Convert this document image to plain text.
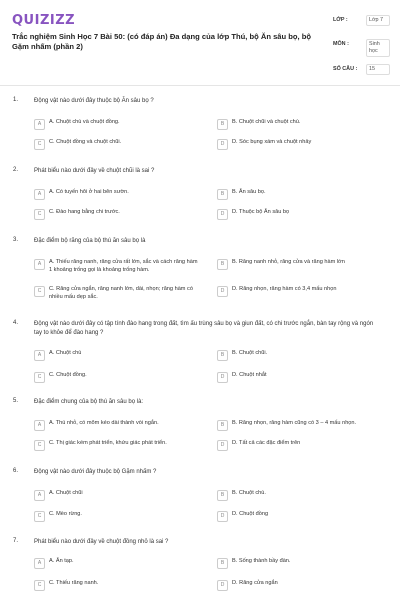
QUIZIZZ
Trắc nghiệm Sinh Học 7 Bài 50: (có đáp án) Đa dạng của lớp Thú, bộ Ăn sâu bọ, bộ Gặm nhấm (phần 2)
LỚP :	Lớp 7
MÔN :	Sinh học
SỐ CÂU :	15
1.	Động vật nào dưới đây thuộc bộ Ăn sâu bọ ?
A	A. Chuột chù và chuột đồng.	B	B. Chuột chũi và chuột chù.
C	C. Chuột đồng và chuột chũi.	D	D. Sóc bụng xám và chuột nhảy
2.	Phát biểu nào dưới đây về chuột chũi là sai ?
A	A. Có tuyến hôi ở hai bên sườn.	B	B. Ăn sâu bọ.
C	C. Đào hang bằng chi trước.	D	D. Thuộc bộ Ăn sâu bọ
3.	Đặc điểm bộ răng của bộ thú ăn sâu bọ là
A	A. Thiếu răng nanh, răng cửa rất lớn, sắc và cách răng hàm 1 khoảng trống gọi là khoảng trống hàm.
B	B. Răng nanh nhỏ, răng cửa và răng hàm lớn
C	C. Răng cửa ngắn, răng nanh lớn, dài, nhọn; răng hàm có nhiều mấu dẹp sắc.
D	D. Răng nhọn, răng hàm có 3,4 mấu nhọn
4.	Động vật nào dưới đây có tập tính đào hang trong đất, tìm ấu trùng sâu bọ và giun đất, có chi trước ngắn, bàn tay rộng và ngón tay to khỏe để đào hang ?
A	A. Chuột chù	B	B. Chuột chũi.
C	C. Chuột đồng.	D	D. Chuột nhắt
5.	Đặc điểm chung của bộ thú ăn sâu bọ là:
A	A. Thú nhỏ, có mõm kéo dài thành vòi ngắn.	B	B. Răng nhọn, răng hàm cũng có 3 – 4 mấu nhọn.
C	C. Thị giác kém phát triển, khứu giác phát triển.	D	D. Tất cả các đặc điểm trên
6.	Động vật nào dưới đây thuộc bộ Gặm nhấm ?
A	A. Chuột chũi	B	B. Chuột chù.
C	C. Mèo rừng.	D	D. Chuột đồng
7.	Phát biểu nào dưới đây về chuột đồng nhỏ là sai ?
A	A. Ăn tạp.	B	B. Sống thành bầy đàn.
C	C. Thiếu răng nanh.	D	D. Răng cửa ngắn
